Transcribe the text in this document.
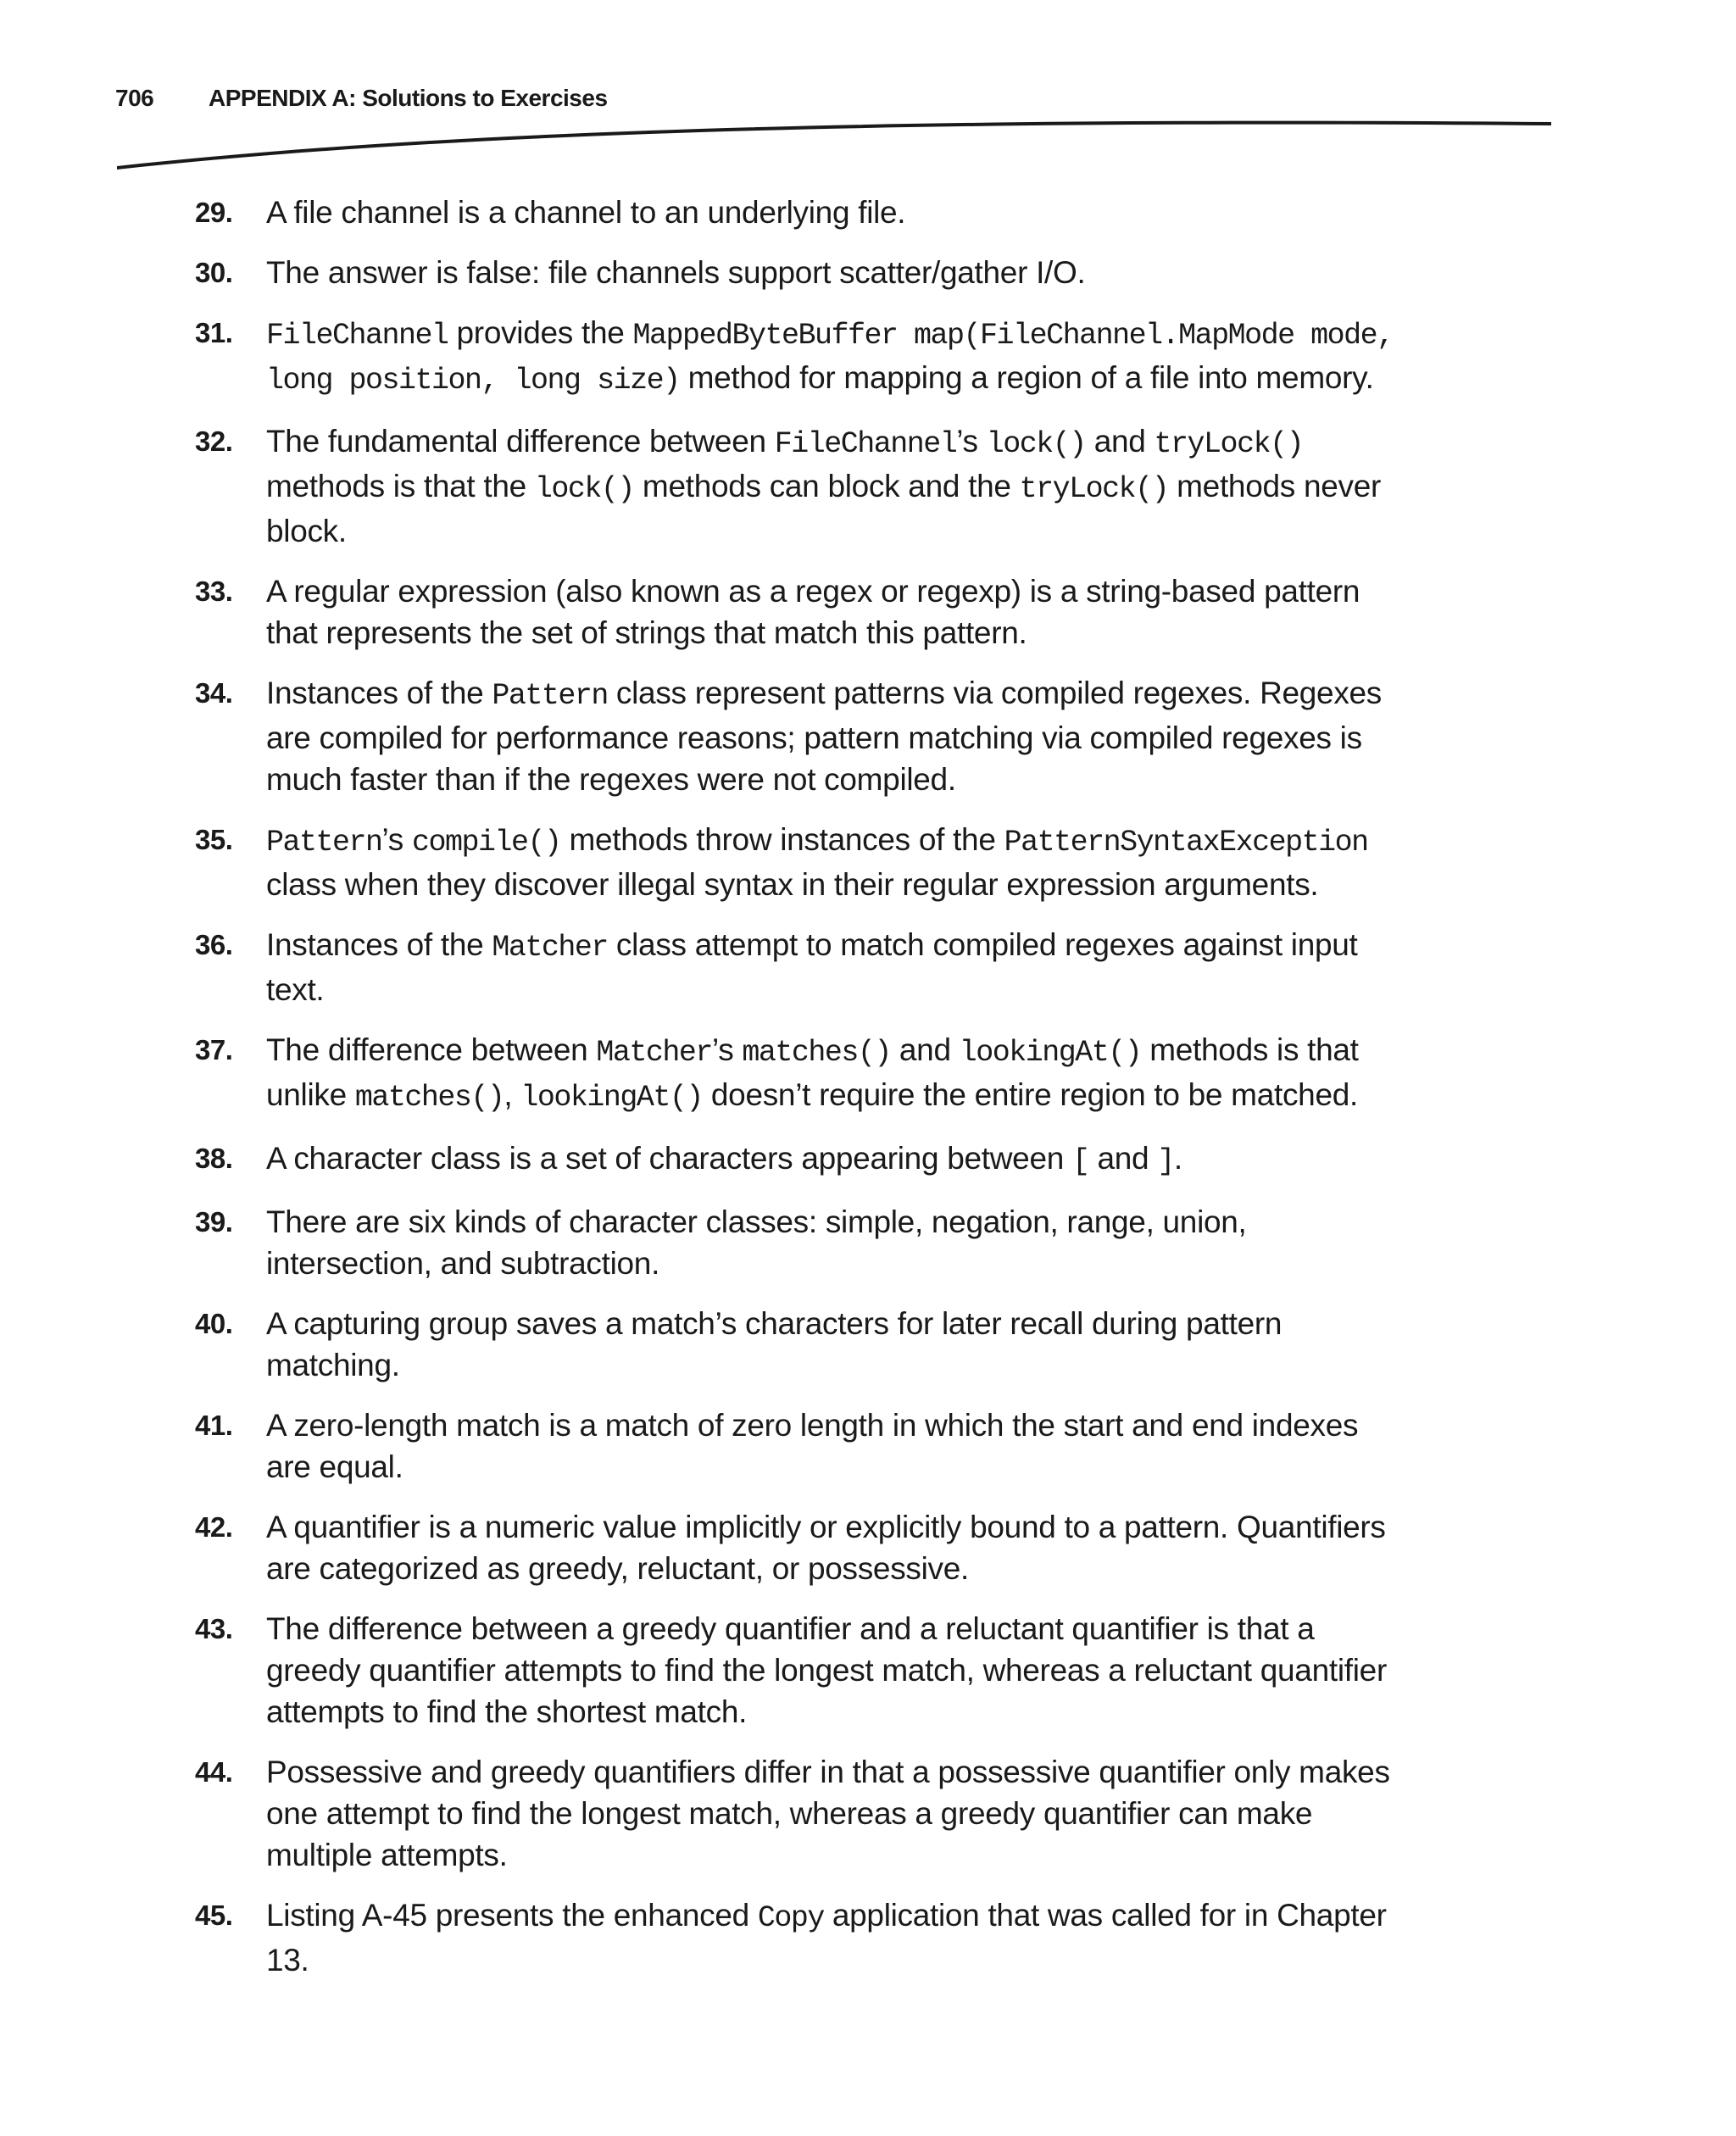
706	APPENDIX A: Solutions to Exercises
29.	A file channel is a channel to an underlying file.
30.	The answer is false: file channels support scatter/gather I/O.
31.	FileChannel provides the MappedByteBuffer map(FileChannel.MapMode mode, long position, long size) method for mapping a region of a file into memory.
32.	The fundamental difference between FileChannel’s lock() and tryLock() methods is that the lock() methods can block and the tryLock() methods never block.
33.	A regular expression (also known as a regex or regexp) is a string-based pattern that represents the set of strings that match this pattern.
34.	Instances of the Pattern class represent patterns via compiled regexes. Regexes are compiled for performance reasons; pattern matching via compiled regexes is much faster than if the regexes were not compiled.
35.	Pattern’s compile() methods throw instances of the PatternSyntaxException class when they discover illegal syntax in their regular expression arguments.
36.	Instances of the Matcher class attempt to match compiled regexes against input text.
37.	The difference between Matcher’s matches() and lookingAt() methods is that unlike matches(), lookingAt() doesn’t require the entire region to be matched.
38.	A character class is a set of characters appearing between [ and ].
39.	There are six kinds of character classes: simple, negation, range, union, intersection, and subtraction.
40.	A capturing group saves a match’s characters for later recall during pattern matching.
41.	A zero-length match is a match of zero length in which the start and end indexes are equal.
42.	A quantifier is a numeric value implicitly or explicitly bound to a pattern. Quantifiers are categorized as greedy, reluctant, or possessive.
43.	The difference between a greedy quantifier and a reluctant quantifier is that a greedy quantifier attempts to find the longest match, whereas a reluctant quantifier attempts to find the shortest match.
44.	Possessive and greedy quantifiers differ in that a possessive quantifier only makes one attempt to find the longest match, whereas a greedy quantifier can make multiple attempts.
45.	Listing A-45 presents the enhanced Copy application that was called for in Chapter 13.
